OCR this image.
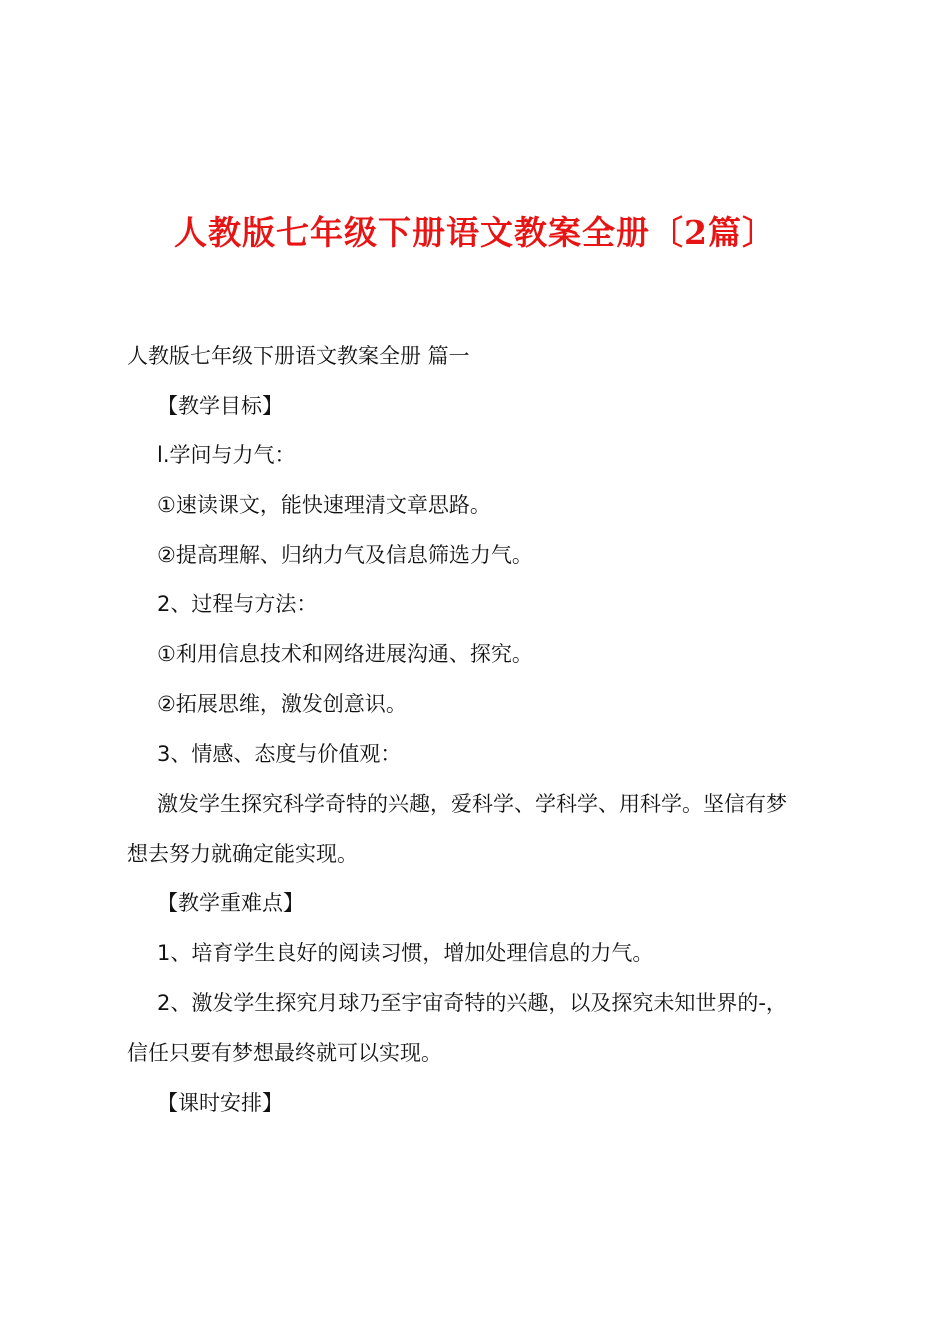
人教版七年级下册语文教案全册〔2篇〕
人教版七年级下册语文教案全册 篇一
【教学目标】
l.学问与力气：
①速读课文，能快速理清文章思路。
②提高理解、归纳力气及信息筛选力气。
2、过程与方法：
①利用信息技术和网络进展沟通、探究。
②拓展思维，激发创意识。
3、情感、态度与价值观：
激发学生探究科学奇特的兴趣，爱科学、学科学、用科学。坚信有梦
想去努力就确定能实现。
【教学重难点】
1、培育学生良好的阅读习惯，增加处理信息的力气。
2、激发学生探究月球乃至宇宙奇特的兴趣，以及探究未知世界的-，
信任只要有梦想最终就可以实现。
【课时安排】
